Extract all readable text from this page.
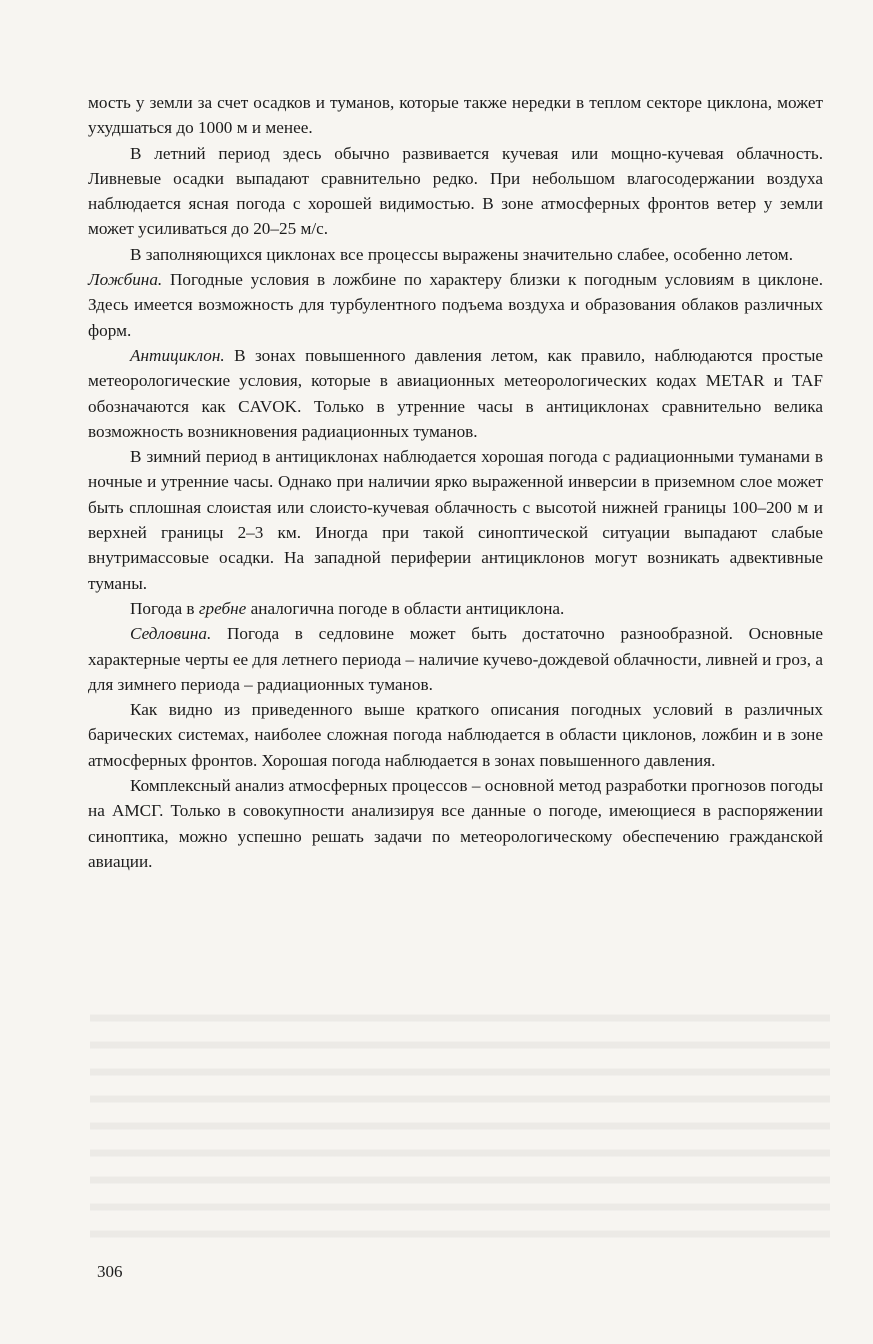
мость у земли за счет осадков и туманов, которые также нередки в теплом секторе циклона, может ухудшаться до 1000 м и менее.

В летний период здесь обычно развивается кучевая или мощно-кучевая облачность. Ливневые осадки выпадают сравнительно редко. При небольшом влагосодержании воздуха наблюдается ясная погода с хорошей видимостью. В зоне атмосферных фронтов ветер у земли может усиливаться до 20–25 м/с.

В заполняющихся циклонах все процессы выражены значительно слабее, особенно летом.

Ложбина. Погодные условия в ложбине по характеру близки к погодным условиям в циклоне. Здесь имеется возможность для турбулентного подъема воздуха и образования облаков различных форм.

Антициклон. В зонах повышенного давления летом, как правило, наблюдаются простые метеорологические условия, которые в авиационных метеорологических кодах METAR и TAF обозначаются как CAVOK. Только в утренние часы в антициклонах сравнительно велика возможность возникновения радиационных туманов.

В зимний период в антициклонах наблюдается хорошая погода с радиационными туманами в ночные и утренние часы. Однако при наличии ярко выраженной инверсии в приземном слое может быть сплошная слоистая или слоисто-кучевая облачность с высотой нижней границы 100–200 м и верхней границы 2–3 км. Иногда при такой синоптической ситуации выпадают слабые внутримассовые осадки. На западной периферии антициклонов могут возникать адвективные туманы.

Погода в гребне аналогична погоде в области антициклона.

Седловина. Погода в седловине может быть достаточно разнообразной. Основные характерные черты ее для летнего периода – наличие кучево-дождевой облачности, ливней и гроз, а для зимнего периода – радиационных туманов.

Как видно из приведенного выше краткого описания погодных условий в различных барических системах, наиболее сложная погода наблюдается в области циклонов, ложбин и в зоне атмосферных фронтов. Хорошая погода наблюдается в зонах повышенного давления.

Комплексный анализ атмосферных процессов – основной метод разработки прогнозов погоды на АМСГ. Только в совокупности анализируя все данные о погоде, имеющиеся в распоряжении синоптика, можно успешно решать задачи по метеорологическому обеспечению гражданской авиации.

306
